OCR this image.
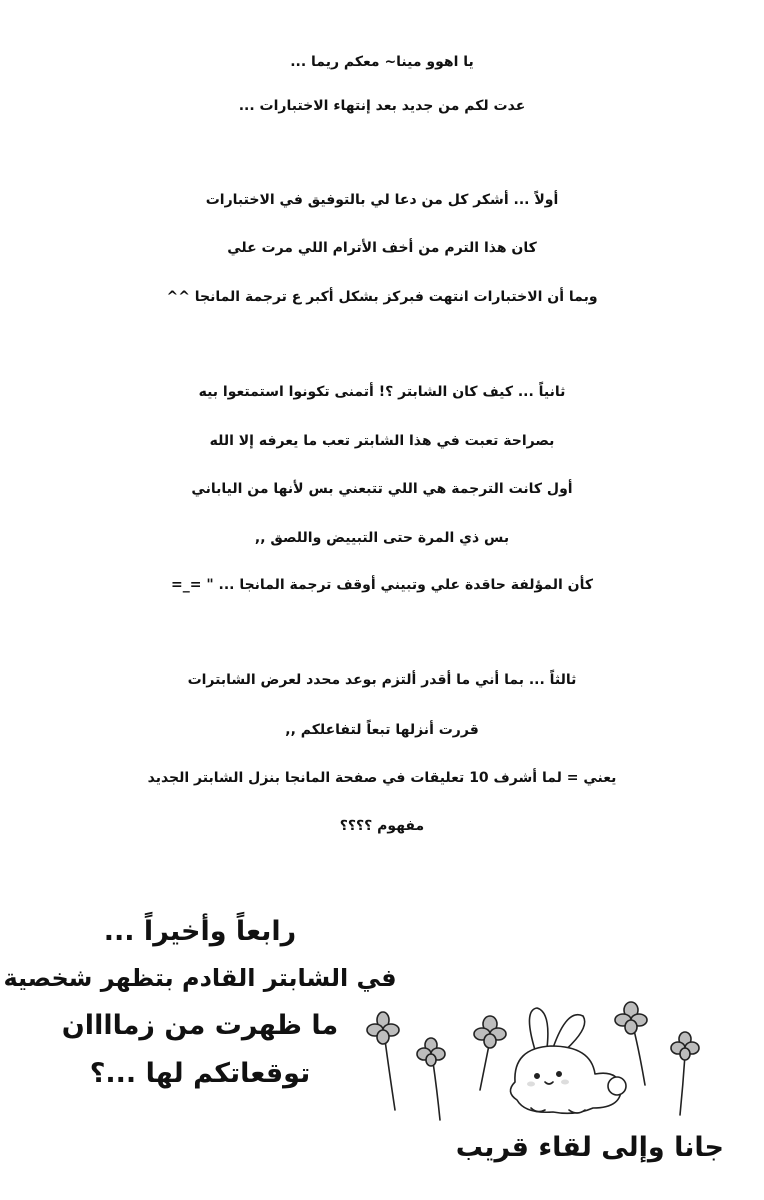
يا اهوو مينا~ معكم ريما ...
عدت لكم من جديد بعد إنتهاء الاختبارات ...
أولاً ... أشكر كل من دعا لي بالتوفيق في الاختبارات
كان هذا الترم من أخف الأترام اللي مرت علي
وبما أن الاختبارات انتهت فبركز بشكل أكبر ع ترجمة المانجا ^^
ثانياً ... كيف كان الشابتر ؟! أتمنى تكونوا استمتعوا بيه
بصراحة تعبت في هذا الشابتر تعب ما يعرفه إلا الله
أول كانت الترجمة هي اللي تتبعني بس لأنها من الياباني
بس ذي المرة حتى التبييض واللصق ,,
كأن المؤلفة حاقدة علي وتبيني أوقف ترجمة المانجا ... " =_=
ثالثاً ... بما أني ما أقدر ألتزم بوعد محدد لعرض الشابترات
قررت أنزلها تبعاً لتفاعلكم ,,
يعني = لما أشرف 10 تعليقات في صفحة المانجا بنزل الشابتر الجديد
مفهوم ؟؟؟؟
رابعاً وأخيراً ...
في الشابتر القادم بتظهر شخصية
ما ظهرت من زماااان
توقعاتكم لها ...؟
جانا وإلى لقاء قريب
